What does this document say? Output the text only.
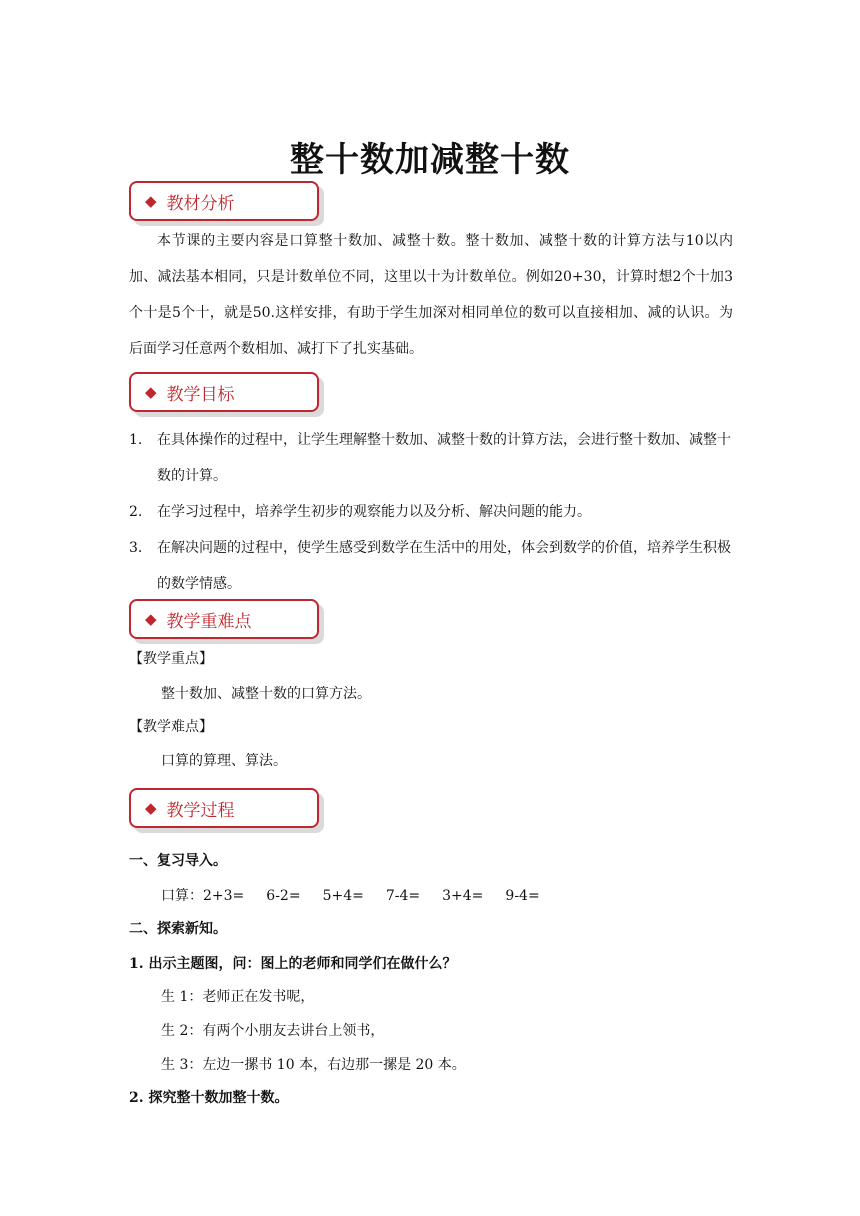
整十数加减整十数
◆ 教材分析

本节课的主要内容是口算整十数加、减整十数。整十数加、减整十数的计算方法与10以内加、减法基本相同，只是计数单位不同，这里以十为计数单位。例如20+30，计算时想2个十加3个十是5个十，就是50.这样安排，有助于学生加深对相同单位的数可以直接相加、减的认识。为后面学习任意两个数相加、减打下了扎实基础。

◆ 教学目标
1. 在具体操作的过程中，让学生理解整十数加、减整十数的计算方法，会进行整十数加、减整十数的计算。
2. 在学习过程中，培养学生初步的观察能力以及分析、解决问题的能力。
3. 在解决问题的过程中，使学生感受到数学在生活中的用处，体会到数学的价值，培养学生积极的数学情感。
◆ 教学重难点
【教学重点】
整十数加、减整十数的口算方法。
【教学难点】
口算的算理、算法。
◆ 教学过程
一、复习导入。
口算：2+3= 6-2= 5+4= 7-4= 3+4= 9-4=
二、探索新知。
1. 出示主题图，问：图上的老师和同学们在做什么？
生 1：老师正在发书呢，
生 2：有两个小朋友去讲台上领书，
生 3：左边一摞书 10 本，右边那一摞是 20 本。
2. 探究整十数加整十数。
